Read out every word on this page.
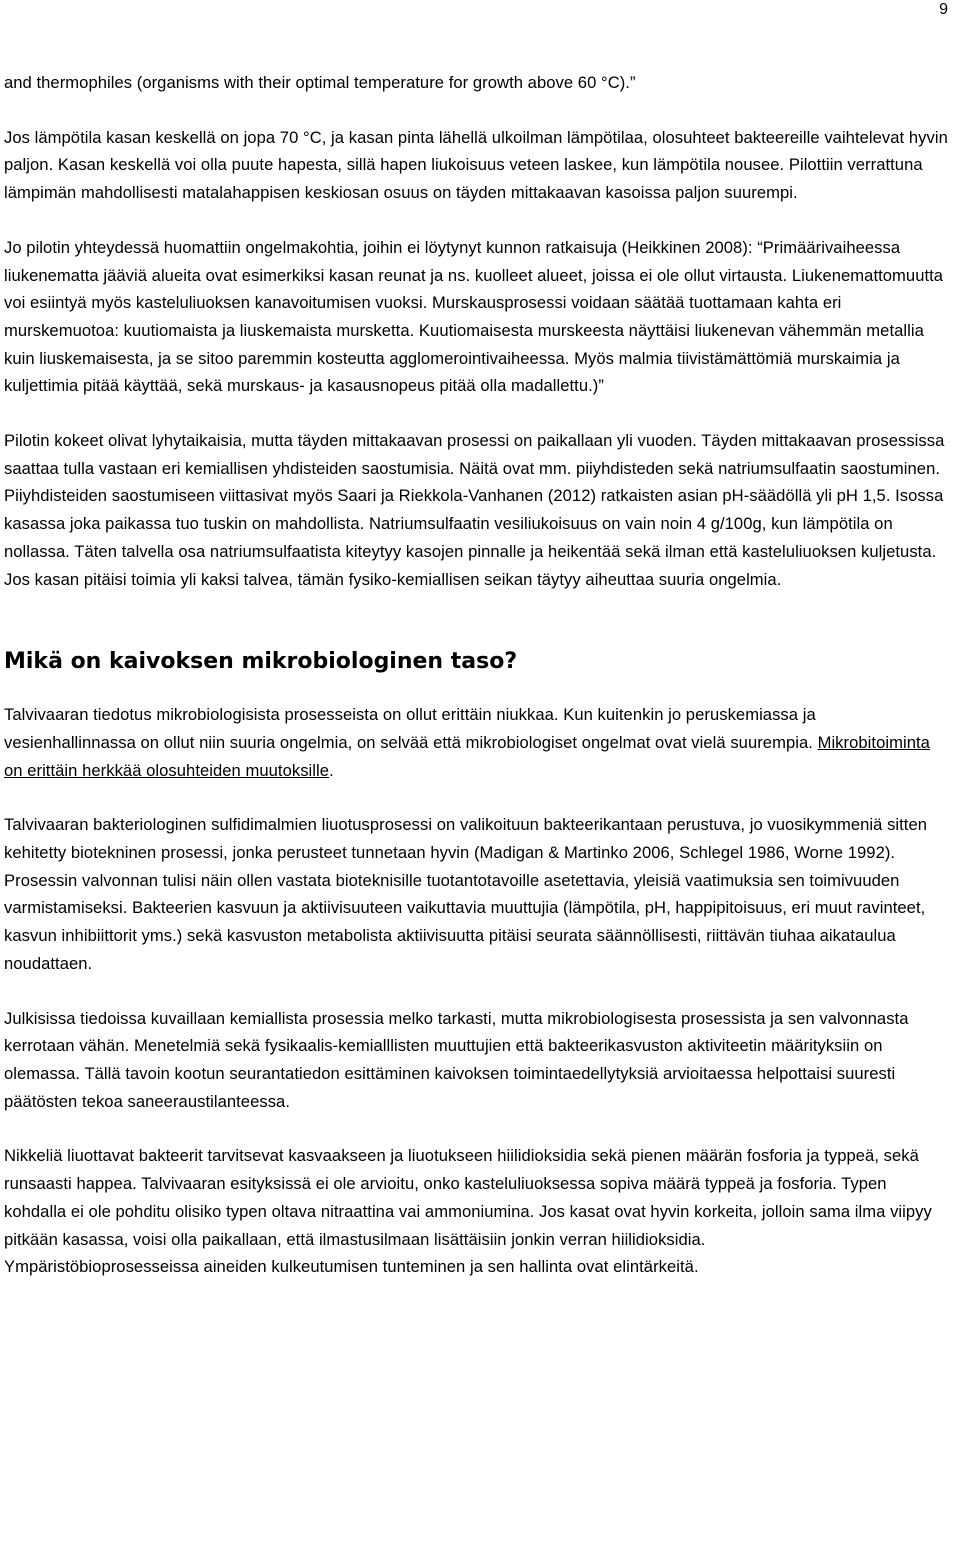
9

and thermophiles (organisms with their optimal temperature for growth above 60 °C).”

Jos lämpötila kasan keskellä on jopa 70 °C, ja kasan pinta lähellä ulkoilman lämpötilaa, olosuhteet bakteereille vaihtelevat hyvin paljon. Kasan keskellä voi olla puute hapesta, sillä hapen liukoisuus veteen laskee, kun lämpötila nousee. Pilottiin verrattuna lämpimän mahdollisesti matalahappisen keskiosan osuus on täyden mittakaavan kasoissa paljon suurempi.

Jo pilotin yhteydessä huomattiin ongelmakohtia, joihin ei löytynyt kunnon ratkaisuja (Heikkinen 2008): “Primäärivaiheessa liukenematta jääviä alueita ovat esimerkiksi kasan reunat ja ns. kuolleet alueet, joissa ei ole ollut virtausta. Liukenemattomuutta voi esiintyä myös kasteluliuoksen kanavoitumisen vuoksi. Murskausprosessi voidaan säätää tuottamaan kahta eri murskemuotoa: kuutiomaista ja liuskemaista mursketta. Kuutiomaisesta murskeesta näyttäisi liukenevan vähemmän metallia kuin liuskemaisesta, ja se sitoo paremmin kosteutta agglomerointivaiheessa. Myös malmia tiivistämättömiä murskaimia ja kuljettimia pitää käyttää, sekä murskaus- ja kasausnopeus pitää olla madallettu.)”

Pilotin kokeet olivat lyhytaikaisia, mutta täyden mittakaavan prosessi on paikallaan yli vuoden. Täyden mittakaavan prosessissa saattaa tulla vastaan eri kemiallisen yhdisteiden saostumisia. Näitä ovat mm. piiyhdisteden sekä natriumsulfaatin saostuminen. Piiyhdisteiden saostumiseen viittasivat myös Saari ja Riekkola-Vanhanen (2012) ratkaisten asian pH-säädöllä yli pH 1,5. Isossa kasassa joka paikassa tuo tuskin on mahdollista. Natriumsulfaatin vesiliukoisuus on vain noin 4 g/100g, kun lämpötila on nollassa. Täten talvella osa natriumsulfaatista kiteytyy kasojen pinnalle ja heikentää sekä ilman että kasteluliuoksen kuljetusta. Jos kasan pitäisi toimia yli kaksi talvea, tämän fysiko-kemiallisen seikan täytyy aiheuttaa suuria ongelmia.

Mikä on kaivoksen mikrobiologinen taso?

Talvivaaran tiedotus mikrobiologisista prosesseista on ollut erittäin niukkaa. Kun kuitenkin jo peruskemiassa ja vesienhallinnassa on ollut niin suuria ongelmia, on selvää että mikrobiologiset ongelmat ovat vielä suurempia. Mikrobitoiminta on erittäin herkkää olosuhteiden muutoksille.

Talvivaaran bakteriologinen sulfidimalmien liuotusprosessi on valikoituun bakteerikantaan perustuva, jo vuosikymmeniä sitten kehitetty biotekninen prosessi, jonka perusteet tunnetaan hyvin (Madigan & Martinko 2006, Schlegel 1986, Worne 1992). Prosessin valvonnan tulisi näin ollen vastata bioteknisille tuotantotavoille asetettavia, yleisiä vaatimuksia sen toimivuuden varmistamiseksi. Bakteerien kasvuun ja aktiivisuuteen vaikuttavia muuttujia (lämpötila, pH, happipitoisuus, eri muut ravinteet, kasvun inhibiittorit yms.) sekä kasvuston metabolista aktiivisuutta pitäisi seurata säännöllisesti, riittävän tiuhaa aikataulua noudattaen.

Julkisissa tiedoissa kuvaillaan kemiallista prosessia melko tarkasti, mutta mikrobiologisesta prosessista ja sen valvonnasta kerrotaan vähän. Menetelmiä sekä fysikaalis-kemialllisten muuttujien että bakteerikasvuston aktiviteetin määrityksiin on olemassa. Tällä tavoin kootun seurantatiedon esittäminen kaivoksen toimintaedellytyksiä arvioitaessa helpottaisi suuresti päätösten tekoa saneeraustilanteessa.

Nikkeliä liuottavat bakteerit tarvitsevat kasvaakseen ja liuotukseen hiilidioksidia sekä pienen määrän fosforia ja typpeä, sekä runsaasti happea. Talvivaaran esityksissä ei ole arvioitu, onko kasteluliuoksessa sopiva määrä typpeä ja fosforia. Typen kohdalla ei ole pohditu olisiko typen oltava nitraattina vai ammoniumina. Jos kasat ovat hyvin korkeita, jolloin sama ilma viipyy pitkään kasassa, voisi olla paikallaan, että ilmastusilmaan lisättäisiin jonkin verran hiilidioksidia.

Ympäristöbioprosesseissa aineiden kulkeutumisen tunteminen ja sen hallinta ovat elintärkeitä.
